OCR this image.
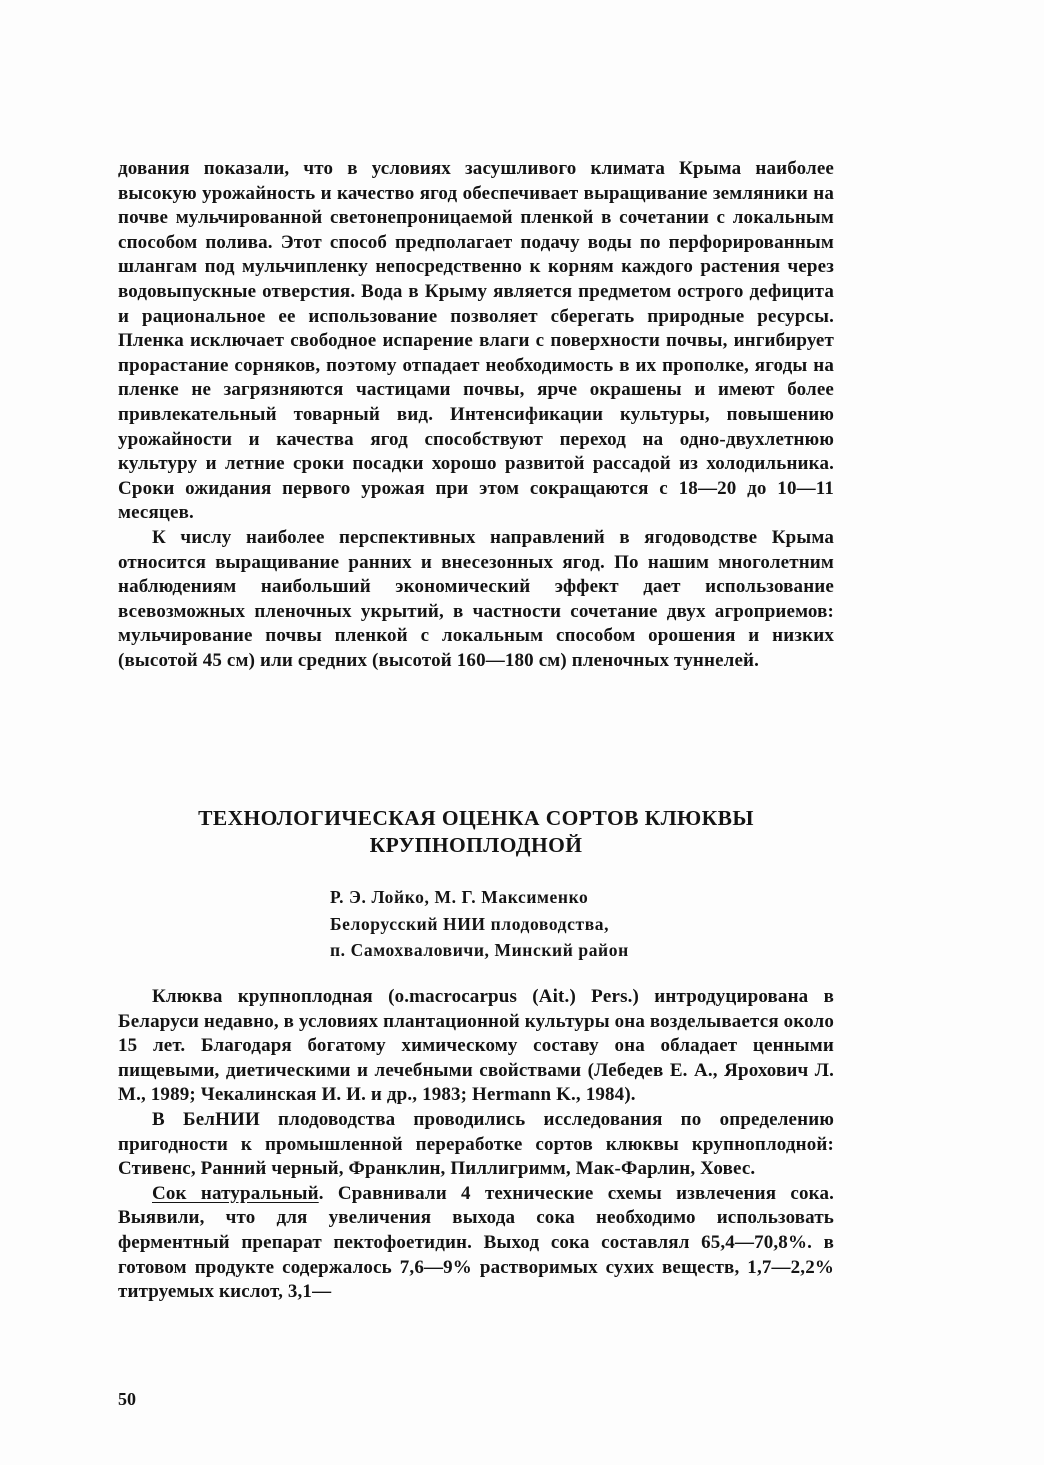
дования показали, что в условиях засушливого климата Крыма наиболее высокую урожайность и качество ягод обеспечивает выращивание земляники на почве мульчированной светонепроницаемой пленкой в сочетании с локальным способом полива. Этот способ предполагает подачу воды по перфорированным шлангам под мульчипленку непосредственно к корням каждого растения через водовыпускные отверстия. Вода в Крыму является предметом острого дефицита и рациональное ее использование позволяет сберегать природные ресурсы. Пленка исключает свободное испарение влаги с поверхности почвы, ингибирует прорастание сорняков, поэтому отпадает необходимость в их прополке, ягоды на пленке не загрязняются частицами почвы, ярче окрашены и имеют более привлекательный товарный вид. Интенсификации культуры, повышению урожайности и качества ягод способствуют переход на одно-двухлетнюю культуру и летние сроки посадки хорошо развитой рассадой из холодильника. Сроки ожидания первого урожая при этом сокращаются с 18—20 до 10—11 месяцев.

К числу наиболее перспективных направлений в ягодоводстве Крыма относится выращивание ранних и внесезонных ягод. По нашим многолетним наблюдениям наибольший экономический эффект дает использование всевозможных пленочных укрытий, в частности сочетание двух агроприемов: мульчирование почвы пленкой с локальным способом орошения и низких (высотой 45 см) или средних (высотой 160—180 см) пленочных туннелей.

ТЕХНОЛОГИЧЕСКАЯ ОЦЕНКА СОРТОВ КЛЮКВЫ
КРУПНОПЛОДНОЙ
Р. Э. Лойко, М. Г. Максименко
Белорусский НИИ плодоводства,
п. Самохваловичи, Минский район

Клюква крупноплодная (o.macrocarpus (Ait.) Pers.) интродуцирована в Беларуси недавно, в условиях плантационной культуры она возделывается около 15 лет. Благодаря богатому химическому составу она обладает ценными пищевыми, диетическими и лечебными свойствами (Лебедев Е. А., Ярохович Л. М., 1989; Чекалинская И. И. и др., 1983; Hermann K., 1984).

В БелНИИ плодоводства проводились исследования по определению пригодности к промышленной переработке сортов клюквы крупноплодной: Стивенс, Ранний черный, Франклин, Пиллигримм, Мак-Фарлин, Ховес.

Сок натуральный. Сравнивали 4 технические схемы извлечения сока. Выявили, что для увеличения выхода сока необходимо использовать ферментный препарат пектофоетидин. Выход сока составлял 65,4—70,8%. в готовом продукте содержалось 7,6—9% растворимых сухих веществ, 1,7—2,2% титруемых кислот, 3,1—

50
